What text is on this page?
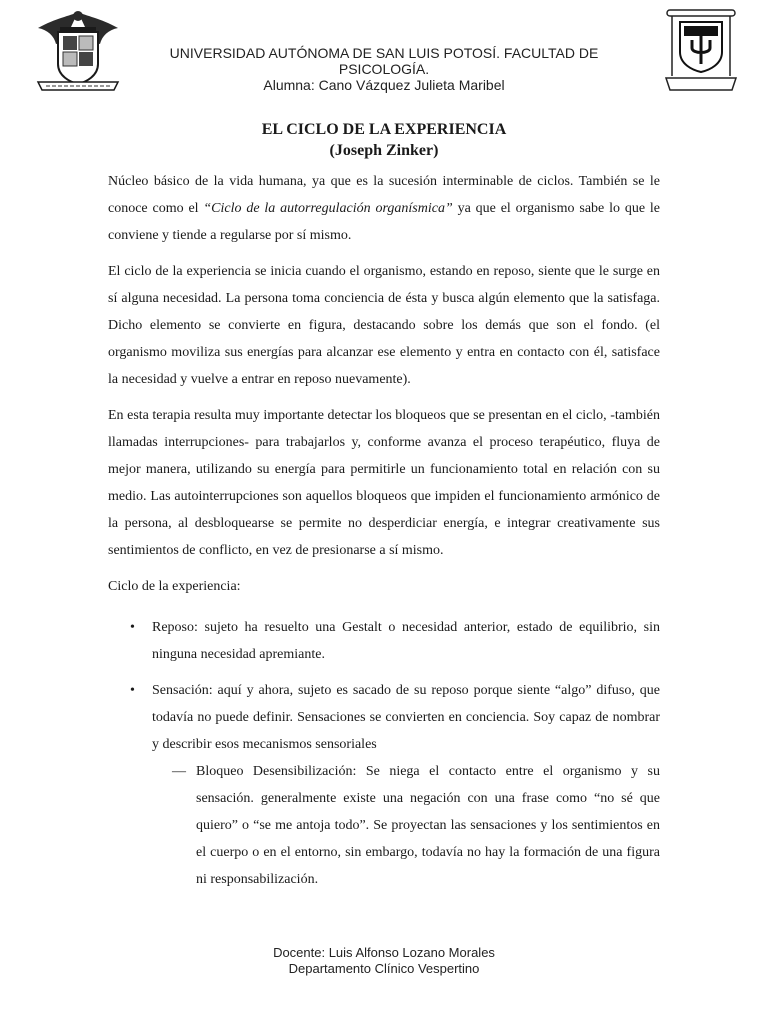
UNIVERSIDAD AUTÓNOMA DE SAN LUIS POTOSÍ. FACULTAD DE
PSICOLOGÍA.
Alumna: Cano Vázquez Julieta Maribel
EL CICLO DE LA EXPERIENCIA
(Joseph Zinker)

Núcleo básico de la vida humana, ya que es la sucesión interminable de ciclos. También se le conoce como el “Ciclo de la autorregulación organísmica” ya que el organismo sabe lo que le conviene y tiende a regularse por sí mismo.

El ciclo de la experiencia se inicia cuando el organismo, estando en reposo, siente que le surge en sí alguna necesidad. La persona toma conciencia de ésta y busca algún elemento que la satisfaga. Dicho elemento se convierte en figura, destacando sobre los demás que son el fondo. (el organismo moviliza sus energías para alcanzar ese elemento y entra en contacto con él, satisface la necesidad y vuelve a entrar en reposo nuevamente).

En esta terapia resulta muy importante detectar los bloqueos que se presentan en el ciclo, -también llamadas interrupciones- para trabajarlos y, conforme avanza el proceso terapéutico, fluya de mejor manera, utilizando su energía para permitirle un funcionamiento total en relación con su medio. Las autointerrupciones son aquellos bloqueos que impiden el funcionamiento armónico de la persona, al desbloquearse se permite no desperdiciar energía, e integrar creativamente sus sentimientos de conflicto, en vez de presionarse a sí mismo.

Ciclo de la experiencia:

• Reposo: sujeto ha resuelto una Gestalt o necesidad anterior, estado de equilibrio, sin ninguna necesidad apremiante.
• Sensación: aquí y ahora, sujeto es sacado de su reposo porque siente “algo” difuso, que todavía no puede definir. Sensaciones se convierten en conciencia. Soy capaz de nombrar y describir esos mecanismos sensoriales
— Bloqueo Desensibilización: Se niega el contacto entre el organismo y su sensación. generalmente existe una negación con una frase como “no sé que quiero” o “se me antoja todo”. Se proyectan las sensaciones y los sentimientos en el cuerpo o en el entorno, sin embargo, todavía no hay la formación de una figura ni responsabilización.
Docente: Luis Alfonso Lozano Morales
Departamento Clínico Vespertino
